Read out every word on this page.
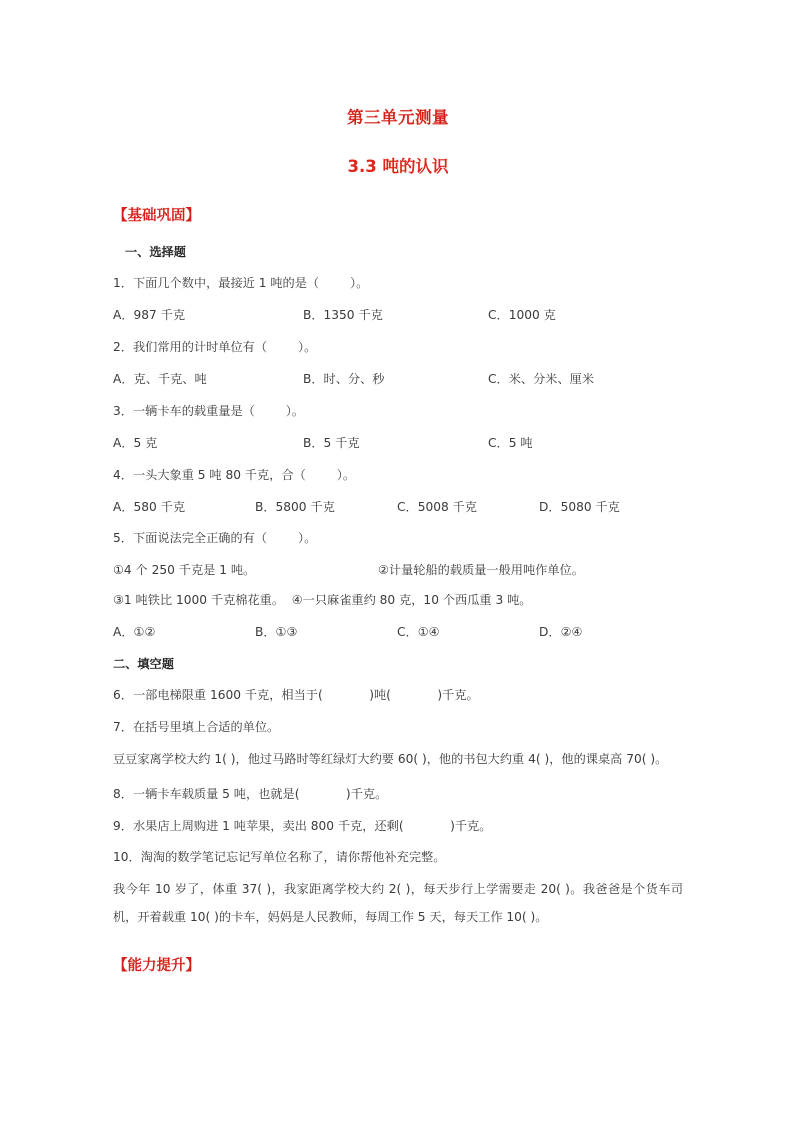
第三单元测量
3.3 吨的认识
【基础巩固】
一、选择题
1．下面几个数中，最接近 1 吨的是（        ）。
A．987 千克	B．1350 千克	C．1000 克
2．我们常用的计时单位有（        ）。
A．克、千克、吨	B．时、分、秒	C．米、分米、厘米
3．一辆卡车的载重量是（        ）。
A．5 克	B．5 千克	C．5 吨
4．一头大象重 5 吨 80 千克，合（        ）。
A．580 千克	B．5800 千克	C．5008 千克	D．5080 千克
5．下面说法完全正确的有（        ）。
①4 个 250 千克是 1 吨。	②计量轮船的载质量一般用吨作单位。
③1 吨铁比 1000 千克棉花重。  ④一只麻雀重约 80 克，10 个西瓜重 3 吨。
A．①②	B．①③	C．①④	D．②④
二、填空题
6．一部电梯限重 1600 千克，相当于(            )吨(            )千克。
7．在括号里填上合适的单位。
豆豆家离学校大约 1( )，他过马路时等红绿灯大约要 60( )，他的书包大约重 4( )，他的课桌高 70( )。
8．一辆卡车载质量 5 吨，也就是(            )千克。
9．水果店上周购进 1 吨苹果，卖出 800 千克，还剩(            )千克。
10．淘淘的数学笔记忘记写单位名称了，请你帮他补充完整。
我今年 10 岁了，体重 37( )，我家距离学校大约 2( )，每天步行上学需要走 20( )。我爸爸是个货车司机，开着载重 10( )的卡车，妈妈是人民教师，每周工作 5 天，每天工作 10( )。
【能力提升】
